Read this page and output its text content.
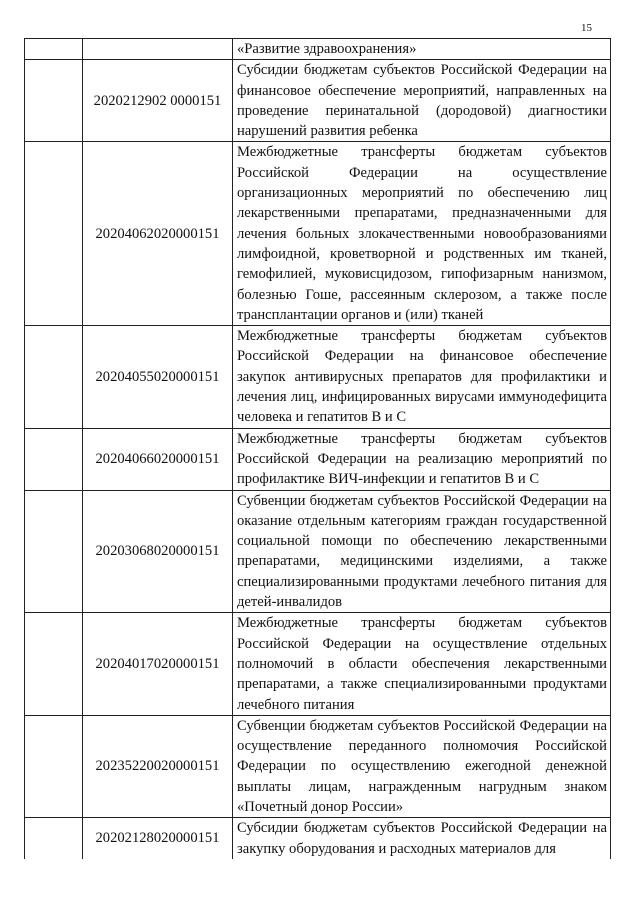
15
		«Развитие здравоохранения»
	2020212902 0000151	Субсидии бюджетам субъектов Российской Федерации на финансовое обеспечение мероприятий, направленных на проведение перинатальной (дородовой) диагностики нарушений развития ребенка
	20204062020000151	Межбюджетные трансферты бюджетам субъектов Российской Федерации на осуществление организационных мероприятий по обеспечению лиц лекарственными препаратами, предназначенными для лечения больных злокачественными новообразованиями лимфоидной, кроветворной и родственных им тканей, гемофилией, муковисцидозом, гипофизарным нанизмом, болезнью Гоше, рассеянным склерозом, а также после трансплантации органов и (или) тканей
	20204055020000151	Межбюджетные трансферты бюджетам субъектов Российской Федерации на финансовое обеспечение закупок антивирусных препаратов для профилактики и лечения лиц, инфицированных вирусами иммунодефицита человека и гепатитов В и С
	20204066020000151	Межбюджетные трансферты бюджетам субъектов Российской Федерации на реализацию мероприятий по профилактике ВИЧ-инфекции и гепатитов В и С
	20203068020000151	Субвенции бюджетам субъектов Российской Федерации на оказание отдельным категориям граждан государственной социальной помощи по обеспечению лекарственными препаратами, медицинскими изделиями, а также специализированными продуктами лечебного питания для детей-инвалидов
	20204017020000151	Межбюджетные трансферты бюджетам субъектов Российской Федерации на осуществление отдельных полномочий в области обеспечения лекарственными препаратами, а также специализированными продуктами лечебного питания
	20235220020000151	Субвенции бюджетам субъектов Российской Федерации на осуществление переданного полномочия Российской Федерации по осуществлению ежегодной денежной выплаты лицам, награжденным нагрудным знаком «Почетный донор России»
	20202128020000151	Субсидии бюджетам субъектов Российской Федерации на закупку оборудования и расходных материалов для
